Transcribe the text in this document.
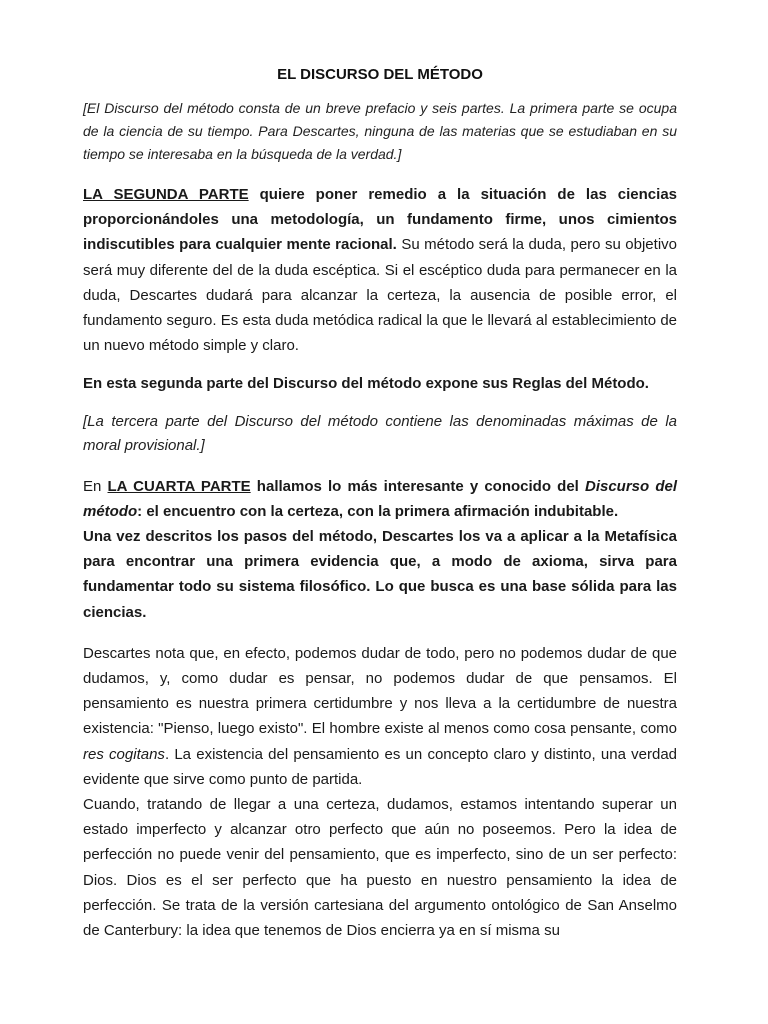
EL DISCURSO DEL MÉTODO

[El Discurso del método consta de un breve prefacio y seis partes. La primera parte se ocupa de la ciencia de su tiempo. Para Descartes, ninguna de las materias que se estudiaban en su tiempo se interesaba en la búsqueda de la verdad.]

LA SEGUNDA PARTE quiere poner remedio a la situación de las ciencias proporcionándoles una metodología, un fundamento firme, unos cimientos indiscutibles para cualquier mente racional. Su método será la duda, pero su objetivo será muy diferente del de la duda escéptica. Si el escéptico duda para permanecer en la duda, Descartes dudará para alcanzar la certeza, la ausencia de posible error, el fundamento seguro. Es esta duda metódica radical la que le llevará al establecimiento de un nuevo método simple y claro.

En esta segunda parte del Discurso del método expone sus Reglas del Método.

[La tercera parte del Discurso del método contiene las denominadas máximas de la moral provisional.]

En LA CUARTA PARTE hallamos lo más interesante y conocido del Discurso del método: el encuentro con la certeza, con la primera afirmación indubitable.

Una vez descritos los pasos del método, Descartes los va a aplicar a la Metafísica para encontrar una primera evidencia que, a modo de axioma, sirva para fundamentar todo su sistema filosófico. Lo que busca es una base sólida para las ciencias.

Descartes nota que, en efecto, podemos dudar de todo, pero no podemos dudar de que dudamos, y, como dudar es pensar, no podemos dudar de que pensamos. El pensamiento es nuestra primera certidumbre y nos lleva a la certidumbre de nuestra existencia: "Pienso, luego existo". El hombre existe al menos como cosa pensante, como res cogitans. La existencia del pensamiento es un concepto claro y distinto, una verdad evidente que sirve como punto de partida.

Cuando, tratando de llegar a una certeza, dudamos, estamos intentando superar un estado imperfecto y alcanzar otro perfecto que aún no poseemos. Pero la idea de perfección no puede venir del pensamiento, que es imperfecto, sino de un ser perfecto: Dios. Dios es el ser perfecto que ha puesto en nuestro pensamiento la idea de perfección. Se trata de la versión cartesiana del argumento ontológico de San Anselmo de Canterbury: la idea que tenemos de Dios encierra ya en sí misma su
